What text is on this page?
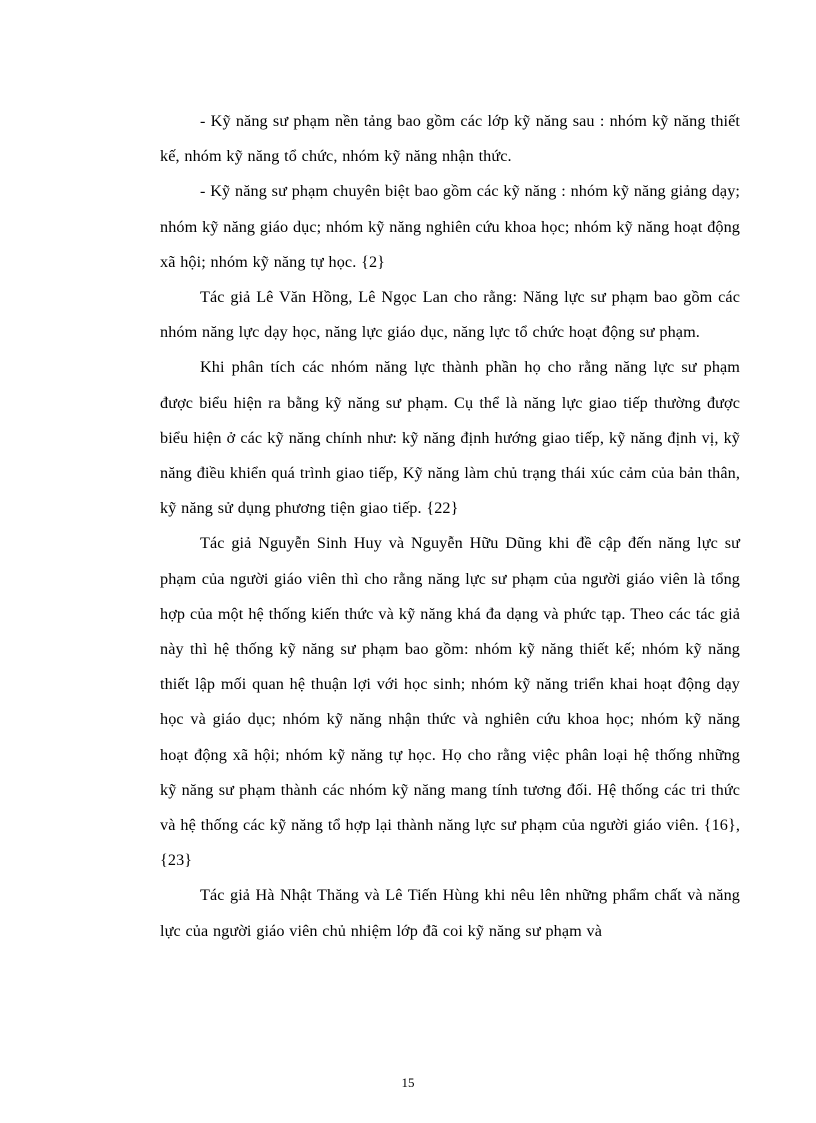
- Kỹ năng sư phạm nền tảng bao gồm các lớp kỹ năng sau : nhóm kỹ năng thiết kế, nhóm kỹ năng tổ chức, nhóm kỹ năng nhận thức.

- Kỹ năng sư phạm chuyên biệt bao gồm các kỹ năng : nhóm kỹ năng giảng dạy; nhóm kỹ năng giáo dục; nhóm kỹ năng nghiên cứu khoa học; nhóm kỹ năng hoạt động xã hội; nhóm kỹ năng tự học. {2}

Tác giả Lê Văn Hồng, Lê Ngọc Lan cho rằng: Năng lực sư phạm bao gồm các nhóm năng lực dạy học, năng lực giáo dục, năng lực tổ chức hoạt động sư phạm.

Khi phân tích các nhóm năng lực thành phần họ cho rằng năng lực sư phạm được biểu hiện ra bằng kỹ năng sư phạm. Cụ thể là năng lực giao tiếp thường được biểu hiện ở các kỹ năng chính như: kỹ năng định hướng giao tiếp, kỹ năng định vị, kỹ năng điều khiển quá trình giao tiếp, Kỹ năng làm chủ trạng thái xúc cảm của bản thân, kỹ năng sử dụng phương tiện giao tiếp. {22}

Tác giả Nguyễn Sinh Huy và Nguyễn Hữu Dũng khi đề cập đến năng lực sư phạm của người giáo viên thì cho rằng năng lực sư phạm của người giáo viên là tổng hợp của một hệ thống kiến thức và kỹ năng khá đa dạng và phức tạp. Theo các tác giả này thì hệ thống kỹ năng sư phạm bao gồm: nhóm kỹ năng thiết kế; nhóm kỹ năng thiết lập mối quan hệ thuận lợi với học sinh; nhóm kỹ năng triển khai hoạt động dạy học và giáo dục; nhóm kỹ năng nhận thức và nghiên cứu khoa học; nhóm kỹ năng hoạt động xã hội; nhóm kỹ năng tự học. Họ cho rằng việc phân loại hệ thống những kỹ năng sư phạm thành các nhóm kỹ năng mang tính tương đối. Hệ thống các tri thức và hệ thống các kỹ năng tổ hợp lại thành năng lực sư phạm của người giáo viên. {16},{23}

Tác giả Hà Nhật Thăng và Lê Tiến Hùng khi nêu lên những phẩm chất và năng lực của người giáo viên chủ nhiệm lớp đã coi kỹ năng sư phạm và

15
